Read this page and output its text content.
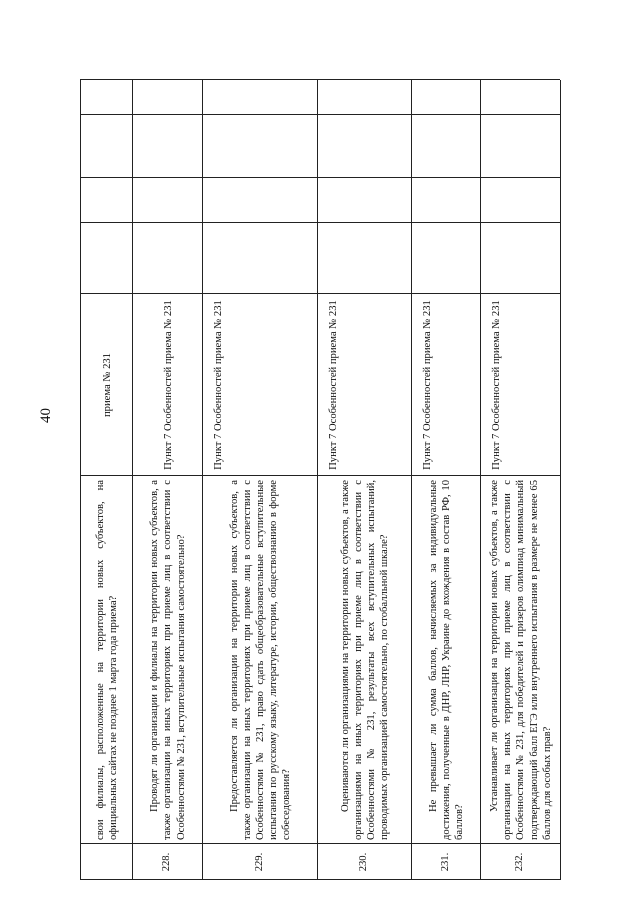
40
свои филиалы, расположенные на территории новых субъектов, на официальных сайтах не позднее 1 марта года приема?
приема № 231
228.
Проводят ли организации и филиалы на территории новых субъектов, а также организации на иных территориях при приеме лиц в соответствии с Особенностями № 231, вступительные испытания самостоятельно?
Пункт 7 Особенностей приема № 231
229.
Предоставляется ли организации на территории новых субъектов, а также организации на иных территориях при приеме лиц в соответствии с Особенностями № 231, право сдать общеобразовательные вступительные испытания по русскому языку, литературе, истории, обществознанию в форме собеседования?
Пункт 7 Особенностей приема № 231
230.
Оцениваются ли организациями на территории новых субъектов, а также организациями на иных территориях при приеме лиц в соответствии с Особенностями № 231, результаты всех вступительных испытаний, проводимых организацией самостоятельно, по стобалльной шкале?
Пункт 7 Особенностей приема № 231
231.
Не превышает ли сумма баллов, начисляемых за индивидуальные достижения, полученные в ДНР, ЛНР, Украине до вхождения в состав РФ, 10 баллов?
Пункт 7 Особенностей приема № 231
232.
Устанавливает ли организация на территории новых субъектов, а также организации на иных территориях при приеме лиц в соответствии с Особенностями № 231, для победителей и призеров олимпиад минимальный подтверждающий балл ЕГЭ или внутреннего испытания в размере не менее 65 баллов для особых прав?
Пункт 7 Особенностей приема № 231
